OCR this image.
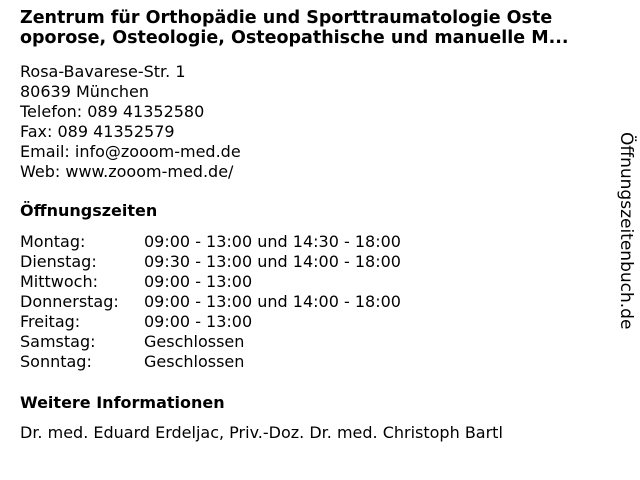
Zentrum für Orthopädie und Sporttraumatologie Oste
oporose, Osteologie, Osteopathische und manuelle M...
Rosa-Bavarese-Str. 1
80639 München
Telefon: 089 41352580
Fax: 089 41352579
Email: info@zooom-med.de
Web: www.zooom-med.de/
Öffnungszeiten
Montag:	09:00 - 13:00 und 14:30 - 18:00
Dienstag:	09:30 - 13:00 und 14:00 - 18:00
Mittwoch:	09:00 - 13:00
Donnerstag:	09:00 - 13:00 und 14:00 - 18:00
Freitag:	09:00 - 13:00
Samstag:	Geschlossen
Sonntag:	Geschlossen
Weitere Informationen
Dr. med. Eduard Erdeljac, Priv.-Doz. Dr. med. Christoph Bartl
Öffnungszeitenbuch.de
